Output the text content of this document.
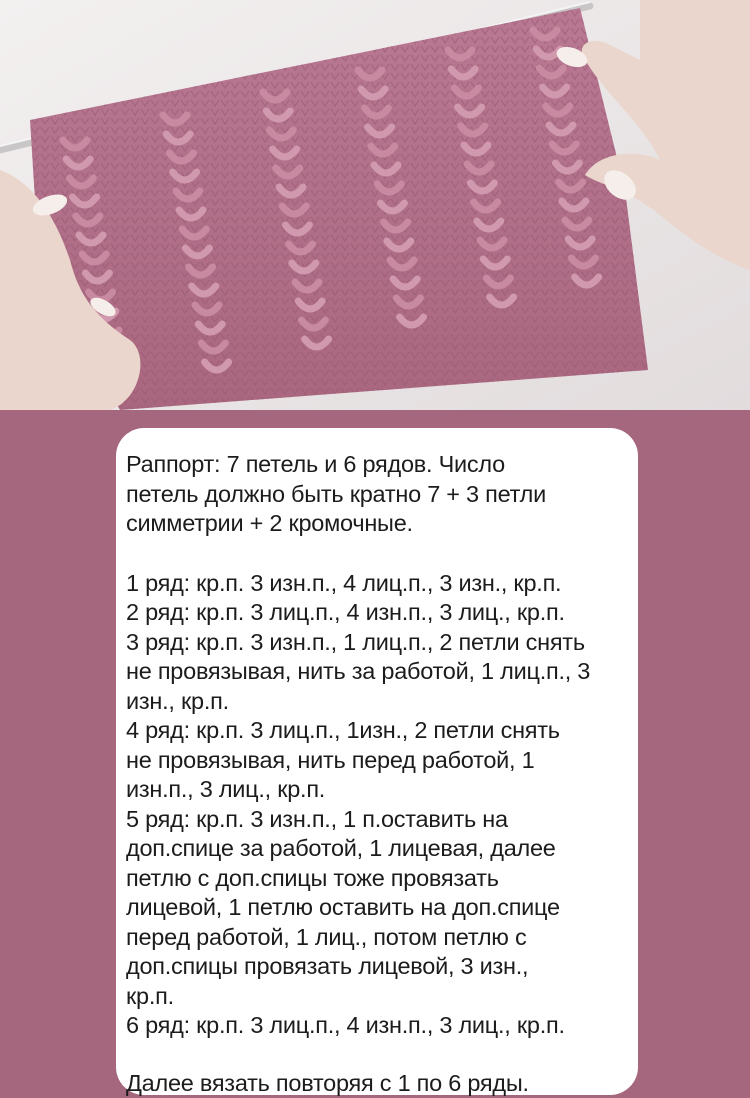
Раппорт: 7 петель и 6 рядов. Число

петель должно быть кратно 7 + 3 петли

симметрии + 2 кромочные.

1 ряд: кр.п. 3 изн.п., 4 лиц.п., 3 изн., кр.п.

2 ряд: кр.п. 3 лиц.п., 4 изн.п., 3 лиц., кр.п.

3 ряд: кр.п. 3 изн.п., 1 лиц.п., 2 петли снять

не провязывая, нить за работой, 1 лиц.п., 3

изн., кр.п.

4 ряд: кр.п. 3 лиц.п., 1изн., 2 петли снять

не провязывая, нить перед работой, 1

изн.п., 3 лиц., кр.п.

5 ряд: кр.п. 3 изн.п., 1 п.оставить на

доп.спице за работой, 1 лицевая, далее

петлю с доп.спицы тоже провязать

лицевой, 1 петлю оставить на доп.спице

перед работой, 1 лиц., потом петлю с

доп.спицы провязать лицевой, 3 изн.,

кр.п.

6 ряд: кр.п. 3 лиц.п., 4 изн.п., 3 лиц., кр.п.

Далее вязать повторяя с 1 по 6 ряды.
